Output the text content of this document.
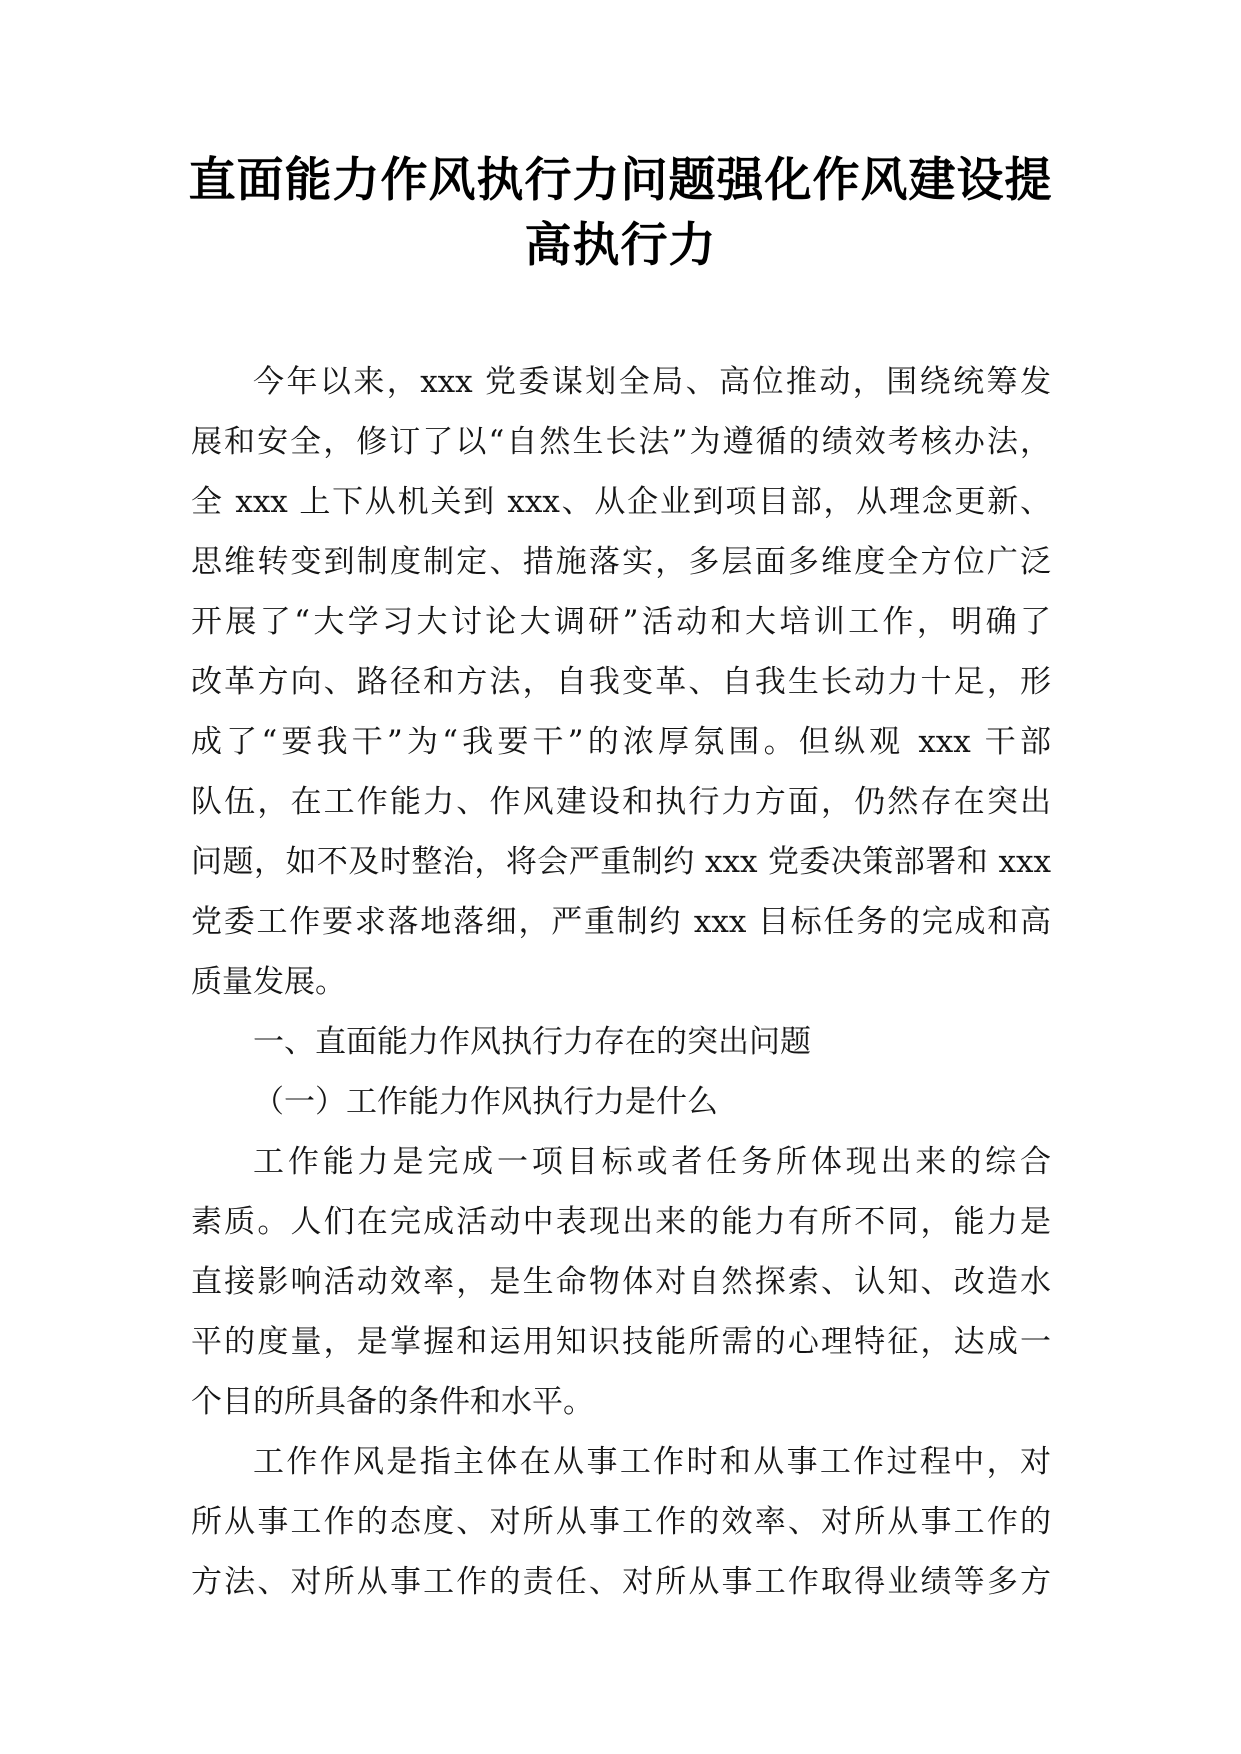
直面能力作风执行力问题强化作风建设提
高执行力
今年以来，xxx 党委谋划全局、高位推动，围绕统筹发
展和安全，修订了以“自然生长法”为遵循的绩效考核办法，
全 xxx 上下从机关到 xxx、从企业到项目部，从理念更新、
思维转变到制度制定、措施落实，多层面多维度全方位广泛
开展了“大学习大讨论大调研”活动和大培训工作，明确了
改革方向、路径和方法，自我变革、自我生长动力十足，形
成了“要我干”为“我要干”的浓厚氛围。但纵观 xxx 干部
队伍，在工作能力、作风建设和执行力方面，仍然存在突出
问题，如不及时整治，将会严重制约 xxx 党委决策部署和 xxx
党委工作要求落地落细，严重制约 xxx 目标任务的完成和高
质量发展。
一、直面能力作风执行力存在的突出问题
（一）工作能力作风执行力是什么
工作能力是完成一项目标或者任务所体现出来的综合
素质。人们在完成活动中表现出来的能力有所不同，能力是
直接影响活动效率，是生命物体对自然探索、认知、改造水
平的度量，是掌握和运用知识技能所需的心理特征，达成一
个目的所具备的条件和水平。
工作作风是指主体在从事工作时和从事工作过程中，对
所从事工作的态度、对所从事工作的效率、对所从事工作的
方法、对所从事工作的责任、对所从事工作取得业绩等多方
